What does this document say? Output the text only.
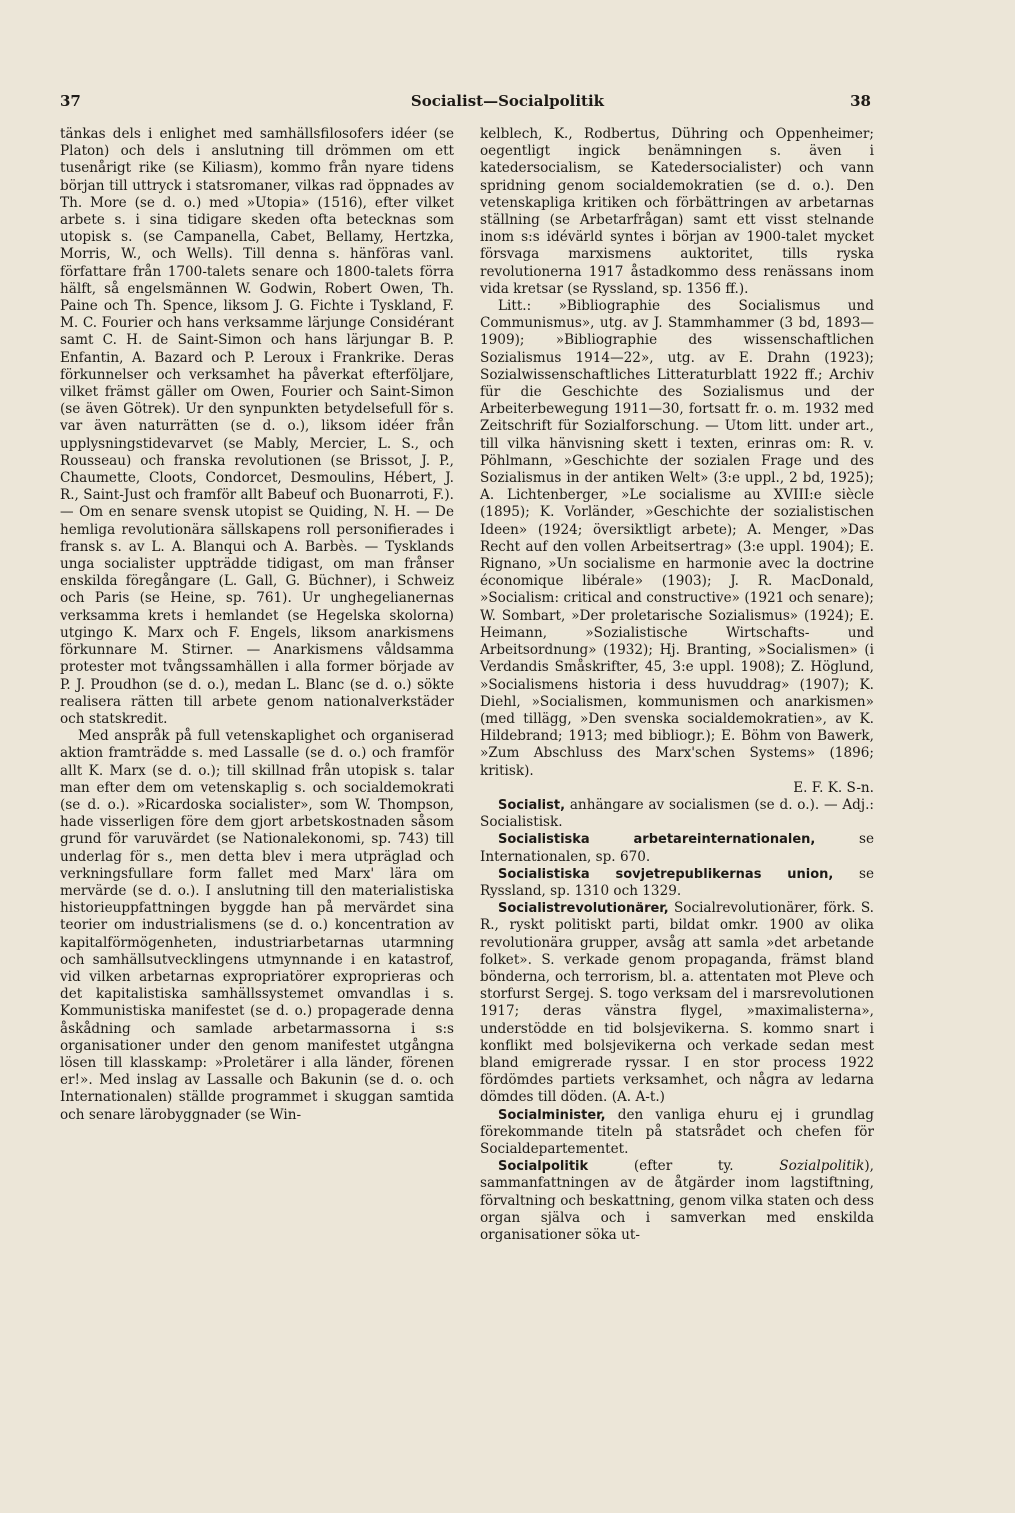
37	Socialist—Socialpolitik	38

tänkas dels i enlighet med samhällsfilosofers idéer (se Platon) och dels i anslutning till drömmen om ett tusenårigt rike (se Kiliasm), kommo från nyare tidens början till uttryck i statsromaner, vilkas rad öppnades av Th. More (se d. o.) med »Utopia» (1516), efter vilket arbete s. i sina tidigare skeden ofta betecknas som utopisk s. (se Campanella, Cabet, Bellamy, Hertzka, Morris, W., och Wells). Till denna s. hänföras vanl. författare från 1700-talets senare och 1800-talets förra hälft, så engelsmännen W. Godwin, Robert Owen, Th. Paine och Th. Spence, liksom J. G. Fichte i Tyskland, F. M. C. Fourier och hans verksamme lärjunge Considérant samt C. H. de Saint-Simon och hans lärjungar B. P. Enfantin, A. Bazard och P. Leroux i Frankrike. Deras förkunnelser och verksamhet ha påverkat efterföljare, vilket främst gäller om Owen, Fourier och Saint-Simon (se även Götrek). Ur den synpunkten betydelsefull för s. var även naturrätten (se d. o.), liksom idéer från upplysningstidevarvet (se Mably, Mercier, L. S., och Rousseau) och franska revolutionen (se Brissot, J. P., Chaumette, Cloots, Condorcet, Desmoulins, Hébert, J. R., Saint-Just och framför allt Babeuf och Buonarroti, F.). — Om en senare svensk utopist se Quiding, N. H. — De hemliga revolutionära sällskapens roll personifierades i fransk s. av L. A. Blanqui och A. Barbès. — Tysklands unga socialister uppträdde tidigast, om man frånser enskilda föregångare (L. Gall, G. Büchner), i Schweiz och Paris (se Heine, sp. 761). Ur unghegelianernas verksamma krets i hemlandet (se Hegelska skolorna) utgingo K. Marx och F. Engels, liksom anarkismens förkunnare M. Stirner. — Anarkismens våldsamma protester mot tvångssamhällen i alla former började av P. J. Proudhon (se d. o.), medan L. Blanc (se d. o.) sökte realisera rätten till arbete genom nationalverkstäder och statskredit.

Med anspråk på full vetenskaplighet och organiserad aktion framträdde s. med Lassalle (se d. o.) och framför allt K. Marx (se d. o.); till skillnad från utopisk s. talar man efter dem om vetenskaplig s. och socialdemokrati (se d. o.). »Ricardoska socialister», som W. Thompson, hade visserligen före dem gjort arbetskostnaden såsom grund för varuvärdet (se Nationalekonomi, sp. 743) till underlag för s., men detta blev i mera utpräglad och verkningsfullare form fallet med Marx' lära om mervärde (se d. o.). I anslutning till den materialistiska historieuppfattningen byggde han på mervärdet sina teorier om industrialismens (se d. o.) koncentration av kapitalförmögenheten, industriarbetarnas utarmning och samhällsutvecklingens utmynnande i en katastrof, vid vilken arbetarnas expropriatörer exproprieras och det kapitalistiska samhällssystemet omvandlas i s. Kommunistiska manifestet (se d. o.) propagerade denna åskådning och samlade arbetarmassorna i s:s organisationer under den genom manifestet utgångna lösen till klasskamp: »Proletärer i alla länder, förenen er!». Med inslag av Lassalle och Bakunin (se d. o. och Internationalen) ställde programmet i skuggan samtida och senare lärobyggnader (se Win-

kelblech, K., Rodbertus, Dühring och Oppenheimer; oegentligt ingick benämningen s. även i katedersocialism, se Katedersocialister) och vann spridning genom socialdemokratien (se d. o.). Den vetenskapliga kritiken och förbättringen av arbetarnas ställning (se Arbetarfrågan) samt ett visst stelnande inom s:s idévärld syntes i början av 1900-talet mycket försvaga marxismens auktoritet, tills ryska revolutionerna 1917 åstadkommo dess renässans inom vida kretsar (se Ryssland, sp. 1356 ff.).

Litt.: »Bibliographie des Socialismus und Communismus», utg. av J. Stammhammer (3 bd, 1893—1909); »Bibliographie des wissenschaftlichen Sozialismus 1914—22», utg. av E. Drahn (1923); Sozialwissenschaftliches Litteraturblatt 1922 ff.; Archiv für die Geschichte des Sozialismus und der Arbeiterbewegung 1911—30, fortsatt fr. o. m. 1932 med Zeitschrift für Sozialforschung. — Utom litt. under art., till vilka hänvisning skett i texten, erinras om: R. v. Pöhlmann, »Geschichte der sozialen Frage und des Sozialismus in der antiken Welt» (3:e uppl., 2 bd, 1925); A. Lichtenberger, »Le socialisme au XVIII:e siècle (1895); K. Vorländer, »Geschichte der sozialistischen Ideen» (1924; översiktligt arbete); A. Menger, »Das Recht auf den vollen Arbeitsertrag» (3:e uppl. 1904); E. Rignano, »Un socialisme en harmonie avec la doctrine économique libérale» (1903); J. R. MacDonald, »Socialism: critical and constructive» (1921 och senare); W. Sombart, »Der proletarische Sozialismus» (1924); E. Heimann, »Sozialistische Wirtschafts- und Arbeitsordnung» (1932); Hj. Branting, »Socialismen» (i Verdandis Småskrifter, 45, 3:e uppl. 1908); Z. Höglund, »Socialismens historia i dess huvuddrag» (1907); K. Diehl, »Socialismen, kommunismen och anarkismen» (med tillägg, »Den svenska socialdemokratien», av K. Hildebrand; 1913; med bibliogr.); E. Böhm von Bawerk, »Zum Abschluss des Marx'schen Systems» (1896; kritisk).

E. F. K. S-n.

Socialist, anhängare av socialismen (se d. o.). — Adj.: Socialistisk.

Socialistiska arbetareinternationalen,	se Internationalen, sp. 670.

Socialistiska sovjetrepublikernas union, se Ryssland, sp. 1310 och 1329.

Socialistrevolutionärer, Socialrevolutionärer, förk. S. R., ryskt politiskt parti, bildat omkr. 1900 av olika revolutionära grupper, avsåg att samla »det arbetande folket». S. verkade genom propaganda, främst bland bönderna, och terrorism, bl. a. attentaten mot Pleve och storfurst Sergej. S. togo verksam del i marsrevolutionen 1917; deras vänstra flygel, »maximalisterna», understödde en tid bolsjevikerna. S. kommo snart i konflikt med bolsjevikerna och verkade sedan mest bland emigrerade ryssar. I en stor process 1922 fördömdes partiets verksamhet, och några av ledarna dömdes till döden. (A. A-t.)

Socialminister, den vanliga ehuru ej i grundlag förekommande titeln på statsrådet och chefen för Socialdepartementet.

Socialpolitik	(efter ty.	Sozialpolitik), sammanfattningen av de åtgärder inom lagstiftning, förvaltning och beskattning, genom vilka staten och dess organ själva och i samverkan med enskilda organisationer söka ut-
